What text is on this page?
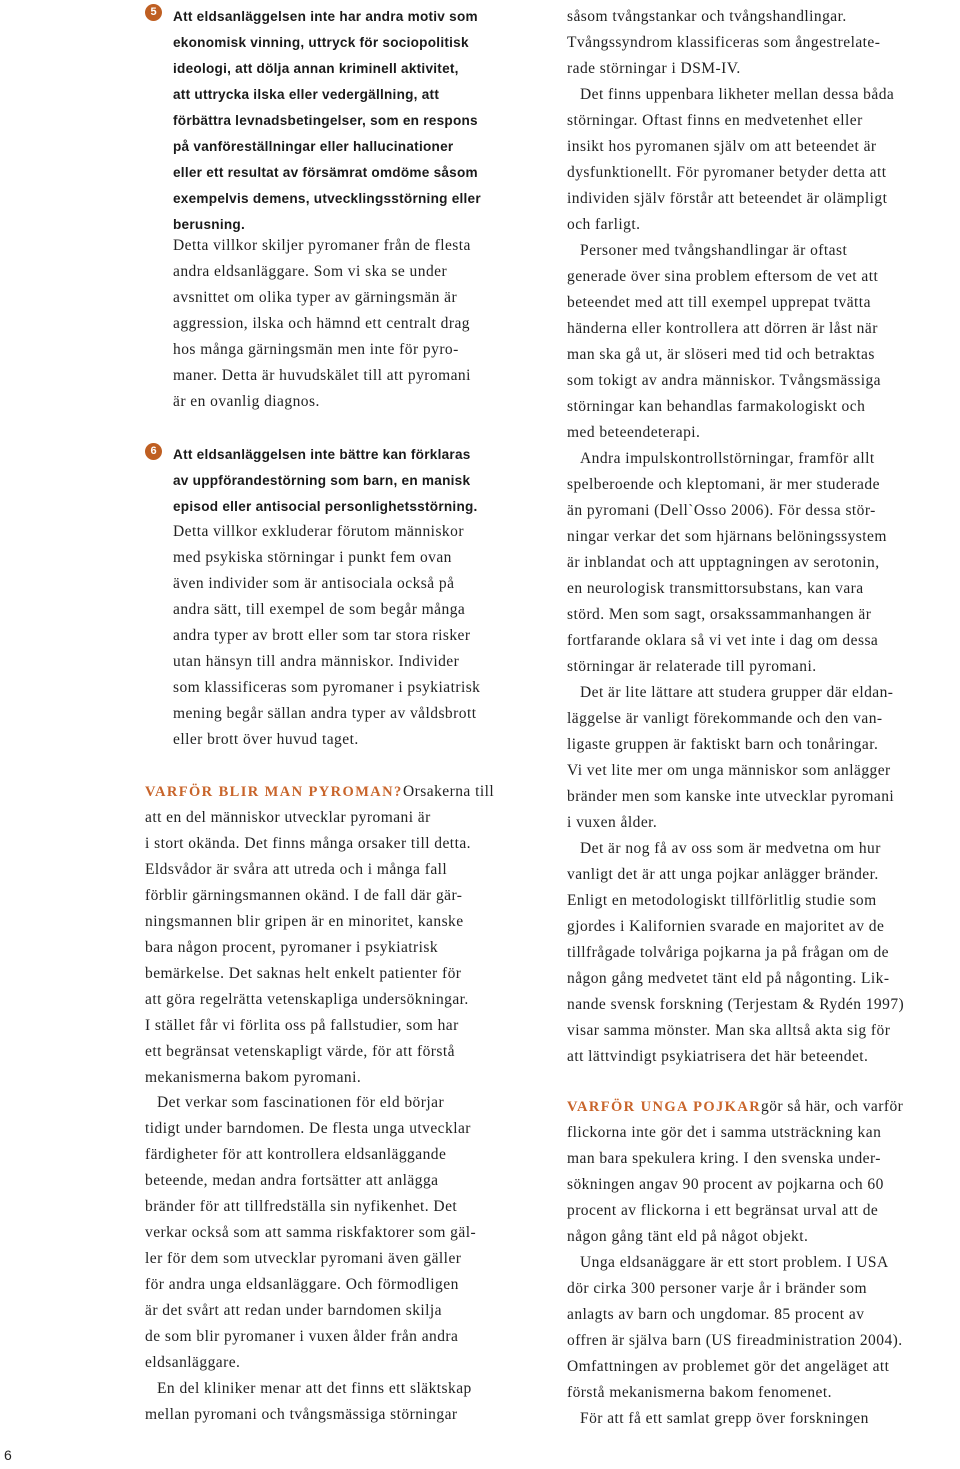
5
6
Att eldsanläggelsen inte har andra motiv som
ekonomisk vinning, uttryck för sociopolitisk
ideologi, att dölja annan kriminell aktivitet,
att uttrycka ilska eller vedergällning, att
förbättra levnadsbetingelser, som en respons
på vanföreställningar eller hallucinationer
eller ett resultat av försämrat omdöme såsom
exempelvis demens, utvecklingsstörning eller
berusning.
Detta villkor skiljer pyromaner från de flesta
andra eldsanläggare. Som vi ska se under
avsnittet om olika typer av gärningsmän är
aggression, ilska och hämnd ett centralt drag
hos många gärningsmän men inte för pyro-
maner. Detta är huvudskälet till att pyromani
är en ovanlig diagnos.
Att eldsanläggelsen inte bättre kan förklaras
av uppförandestörning som barn, en manisk
episod eller antisocial personlighetsstörning.
Detta villkor exkluderar förutom människor
med psykiska störningar i punkt fem ovan
även individer som är antisociala också på
andra sätt, till exempel de som begår många
andra typer av brott eller som tar stora risker
utan hänsyn till andra människor. Individer
som klassificeras som pyromaner i psykiatrisk
mening begår sällan andra typer av våldsbrott
eller brott över huvud taget.
VARFÖR BLIR MAN PYROMAN? Orsakerna till
att en del människor utvecklar pyromani är
i stort okända. Det finns många orsaker till detta.
Eldsvådor är svåra att utreda och i många fall
förblir gärningsmannen okänd. I de fall där gär-
ningsmannen blir gripen är en minoritet, kanske
bara någon procent, pyromaner i psykiatrisk
bemärkelse. Det saknas helt enkelt patienter för
att göra regelrätta vetenskapliga undersökningar.
I stället får vi förlita oss på fallstudier, som har
ett begränsat vetenskapligt värde, för att förstå
mekanismerna bakom pyromani.
Det verkar som fascinationen för eld börjar
tidigt under barndomen. De flesta unga utvecklar
färdigheter för att kontrollera eldsanläggande
beteende, medan andra fortsätter att anlägga
bränder för att tillfredställa sin nyfikenhet. Det
verkar också som att samma riskfaktorer som gäl-
ler för dem som utvecklar pyromani även gäller
för andra unga eldsanläggare. Och förmodligen
är det svårt att redan under barndomen skilja
de som blir pyromaner i vuxen ålder från andra
eldsanläggare.
En del kliniker menar att det finns ett släktskap
mellan pyromani och tvångsmässiga störningar
såsom tvångstankar och tvångshandlingar.
Tvångssyndrom klassificeras som ångestrelate-
rade störningar i DSM-IV.
Det finns uppenbara likheter mellan dessa båda
störningar. Oftast finns en medvetenhet eller
insikt hos pyromanen själv om att beteendet är
dysfunktionellt. För pyromaner betyder detta att
individen själv förstår att beteendet är olämpligt
och farligt.
Personer med tvångshandlingar är oftast
generade över sina problem eftersom de vet att
beteendet med att till exempel upprepat tvätta
händerna eller kontrollera att dörren är låst när
man ska gå ut, är slöseri med tid och betraktas
som tokigt av andra människor. Tvångsmässiga
störningar kan behandlas farmakologiskt och
med beteendeterapi.
Andra impulskontrollstörningar, framför allt
spelberoende och kleptomani, är mer studerade
än pyromani (Dell`Osso 2006). För dessa stör-
ningar verkar det som hjärnans belöningssystem
är inblandat och att upptagningen av serotonin,
en neurologisk transmittorsubstans, kan vara
störd. Men som sagt, orsakssammanhangen är
fortfarande oklara så vi vet inte i dag om dessa
störningar är relaterade till pyromani.
Det är lite lättare att studera grupper där eldan-
läggelse är vanligt förekommande och den van-
ligaste gruppen är faktiskt barn och tonåringar.
Vi vet lite mer om unga människor som anlägger
bränder men som kanske inte utvecklar pyromani
i vuxen ålder.
Det är nog få av oss som är medvetna om hur
vanligt det är att unga pojkar anlägger bränder.
Enligt en metodologiskt tillförlitlig studie som
gjordes i Kalifornien svarade en majoritet av de
tillfrågade tolvåriga pojkarna ja på frågan om de
någon gång medvetet tänt eld på någonting. Lik-
nande svensk forskning (Terjestam & Rydén 1997)
visar samma mönster. Man ska alltså akta sig för
att lättvindigt psykiatrisera det här beteendet.
VARFÖR UNGA POJKAR gör så här, och varför
flickorna inte gör det i samma utsträckning kan
man bara spekulera kring. I den svenska under-
sökningen angav 90 procent av pojkarna och 60
procent av flickorna i ett begränsat urval att de
någon gång tänt eld på något objekt.
Unga eldsanäggare är ett stort problem. I USA
dör cirka 300 personer varje år i bränder som
anlagts av barn och ungdomar. 85 procent av
offren är själva barn (US fireadministration 2004).
Omfattningen av problemet gör det angeläget att
förstå mekanismerna bakom fenomenet.
För att få ett samlat grepp över forskningen
6
